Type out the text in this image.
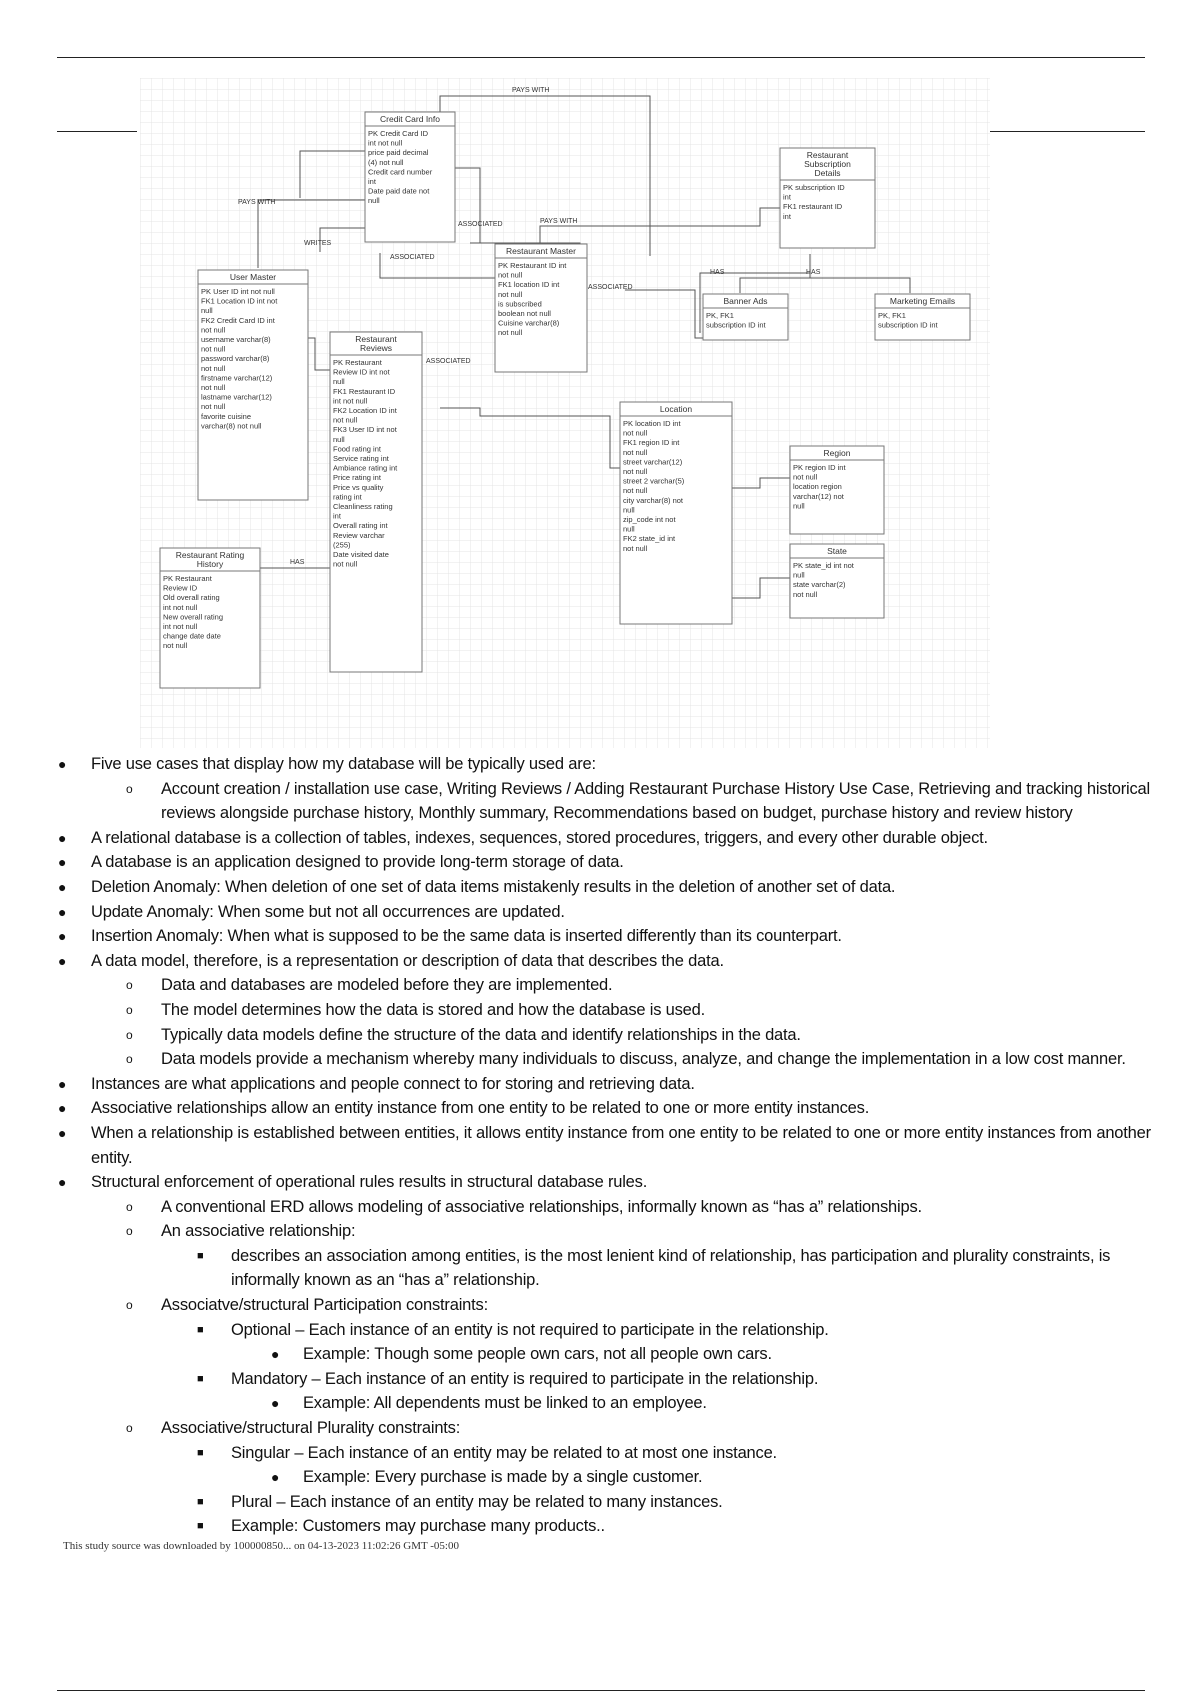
PAYS WITH
PAYS WITH
WRITES
ASSOCIATED
ASSOCIATED	PAYS WITH
ASSOCIATED
ASSOCIATED
HAS	HAS
HAS
Credit Card Info
PK Credit Card ID
int not null
price paid decimal
(4) not null
Credit card number
int
Date paid date not
null
User Master
PK User ID int not null
FK1 Location ID int not
null
FK2 Credit Card ID int
not null
username varchar(8)
not null
password varchar(8)
not null
firstname varchar(12)
not null
lastname varchar(12)
not null
favorite cuisine
varchar(8) not null
Restaurant
Reviews
PK Restaurant
Review ID int not
null
FK1 Restaurant ID
int not null
FK2 Location ID int
not null
FK3 User ID int not
null
Food rating int
Service rating int
Ambiance rating int
Price rating int
Price vs quality
rating int
Cleanliness rating
int
Overall rating int
Review varchar
(255)
Date visited date
not null
Restaurant Master
PK Restaurant ID int
not null
FK1 location ID int
not null
is subscribed
boolean not null
Cuisine varchar(8)
not null
Restaurant
Subscription
Details
PK subscription ID
int
FK1 restaurant ID
int
Banner Ads
PK, FK1
subscription ID int
Marketing Emails
PK, FK1
subscription ID int
Location
PK location ID int
not null
FK1 region ID int
not null
street varchar(12)
not null
street 2 varchar(5)
not null
city varchar(8) not
null
zip_code int not
null
FK2 state_id int
not null
Region
PK region ID int
not null
location region
varchar(12) not
null
State
PK state_id int not
null
state varchar(2)
not null
Restaurant Rating
History
PK Restaurant
Review ID
Old overall rating
int not null
New overall rating
int not null
change date date
not null
● Five use cases that display how my database will be typically used are:
o Account creation / installation use case, Writing Reviews / Adding Restaurant Purchase History Use Case, Retrieving and tracking historical reviews alongside purchase history, Monthly summary, Recommendations based on budget, purchase history and review history
● A relational database is a collection of tables, indexes, sequences, stored procedures, triggers, and every other durable object.
● A database is an application designed to provide long-term storage of data.
● Deletion Anomaly: When deletion of one set of data items mistakenly results in the deletion of another set of data.
● Update Anomaly: When some but not all occurrences are updated.
● Insertion Anomaly: When what is supposed to be the same data is inserted differently than its counterpart.
● A data model, therefore, is a representation or description of data that describes the data.
o Data and databases are modeled before they are implemented.
o The model determines how the data is stored and how the database is used.
o Typically data models define the structure of the data and identify relationships in the data.
o Data models provide a mechanism whereby many individuals to discuss, analyze, and change the implementation in a low cost manner.
● Instances are what applications and people connect to for storing and retrieving data.
● Associative relationships allow an entity instance from one entity to be related to one or more entity instances.
● When a relationship is established between entities, it allows entity instance from one entity to be related to one or more entity instances from another entity.
● Structural enforcement of operational rules results in structural database rules.
o A conventional ERD allows modeling of associative relationships, informally known as “has a” relationships.
o An associative relationship:
■ describes an association among entities, is the most lenient kind of relationship, has participation and plurality constraints, is informally known as an “has a” relationship.
o Associatve/structural Participation constraints:
■ Optional – Each instance of an entity is not required to participate in the relationship.
● Example: Though some people own cars, not all people own cars.
■ Mandatory – Each instance of an entity is required to participate in the relationship.
● Example: All dependents must be linked to an employee.
o Associative/structural Plurality constraints:
■ Singular – Each instance of an entity may be related to at most one instance.
● Example: Every purchase is made by a single customer.
■ Plural – Each instance of an entity may be related to many instances.
■ Example: Customers may purchase many products..
This study source was downloaded by 100000850... on 04-13-2023 11:02:26 GMT -05:00
